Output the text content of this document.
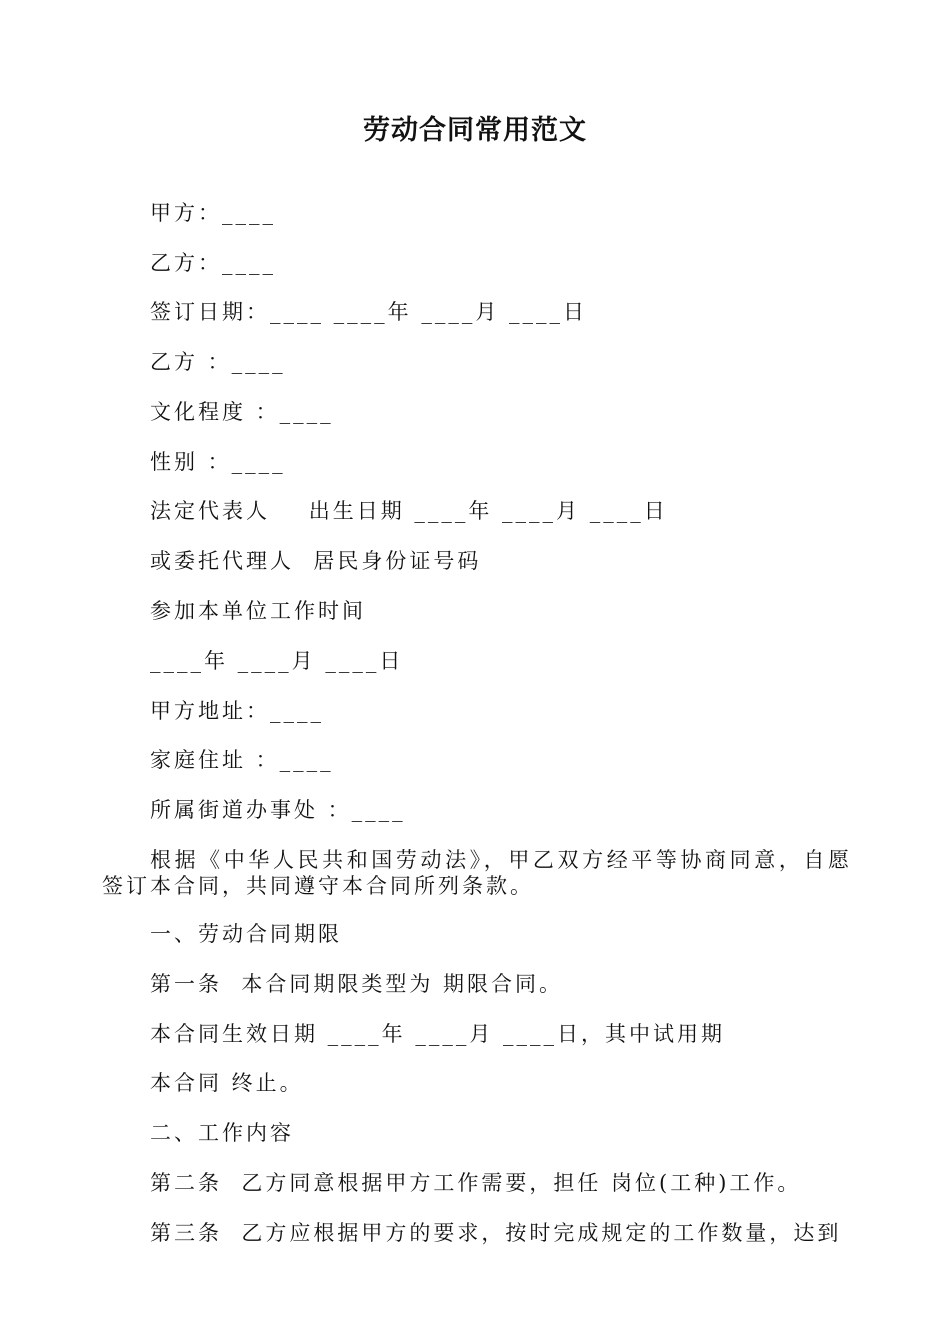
劳动合同常用范文

甲方：____

乙方：____

签订日期：____ ____年 ____月 ____日

乙方 ：____

文化程度 ：____

性别 ：____

法定代表人    出生日期 ____年 ____月 ____日

或委托代理人  居民身份证号码

参加本单位工作时间

____年 ____月 ____日

甲方地址：____

家庭住址 ：____

所属街道办事处 ：____

根据《中华人民共和国劳动法》，甲乙双方经平等协商同意，自愿签订本合同，共同遵守本合同所列条款。

一、劳动合同期限

第一条  本合同期限类型为 期限合同。

本合同生效日期 ____年 ____月 ____日，其中试用期

本合同 终止。

二、工作内容

第二条  乙方同意根据甲方工作需要，担任 岗位(工种)工作。

第三条  乙方应根据甲方的要求，按时完成规定的工作数量，达到
